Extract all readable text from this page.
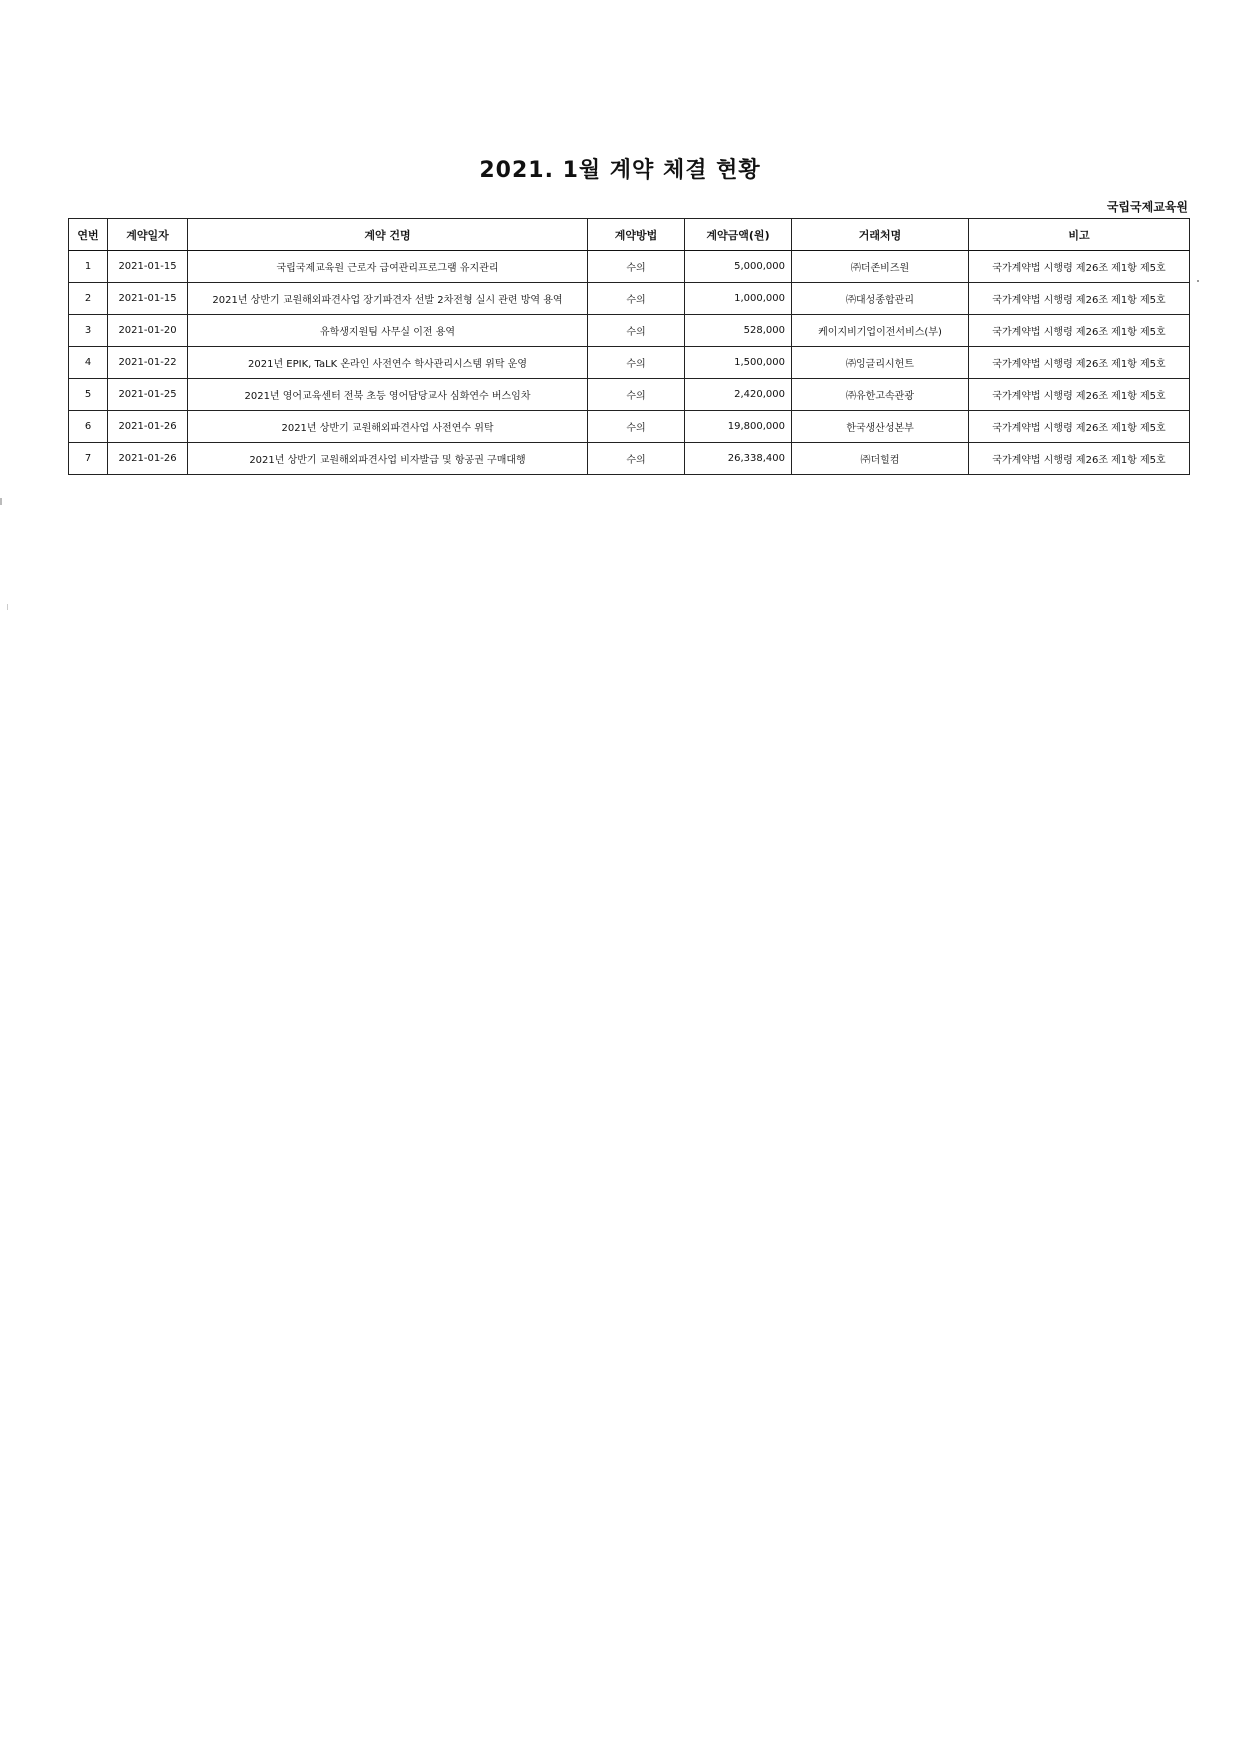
2021. 1월 계약 체결 현황
국립국제교육원
연번	계약일자	계약 건명	계약방법	계약금액(원)	거래처명	비고
1	2021-01-15	국립국제교육원 근로자 급여관리프로그램 유지관리	수의	5,000,000	㈜더존비즈원	국가계약법 시행령 제26조 제1항 제5호
2	2021-01-15	2021년 상반기 교원해외파견사업 장기파견자 선발 2차전형 실시 관련 방역 용역	수의	1,000,000	㈜대성종합관리	국가계약법 시행령 제26조 제1항 제5호
3	2021-01-20	유학생지원팀 사무실 이전 용역	수의	528,000	케이지비기업이전서비스(부)	국가계약법 시행령 제26조 제1항 제5호
4	2021-01-22	2021년 EPIK, TaLK 온라인 사전연수 학사관리시스템 위탁 운영	수의	1,500,000	㈜잉글리시헌트	국가계약법 시행령 제26조 제1항 제5호
5	2021-01-25	2021년 영어교육센터 전북 초등 영어담당교사 심화연수 버스임차	수의	2,420,000	㈜유한고속관광	국가계약법 시행령 제26조 제1항 제5호
6	2021-01-26	2021년 상반기 교원해외파견사업 사전연수 위탁	수의	19,800,000	한국생산성본부	국가계약법 시행령 제26조 제1항 제5호
7	2021-01-26	2021년 상반기 교원해외파견사업 비자발급 및 항공권 구매대행	수의	26,338,400	㈜더힐컴	국가계약법 시행령 제26조 제1항 제5호
